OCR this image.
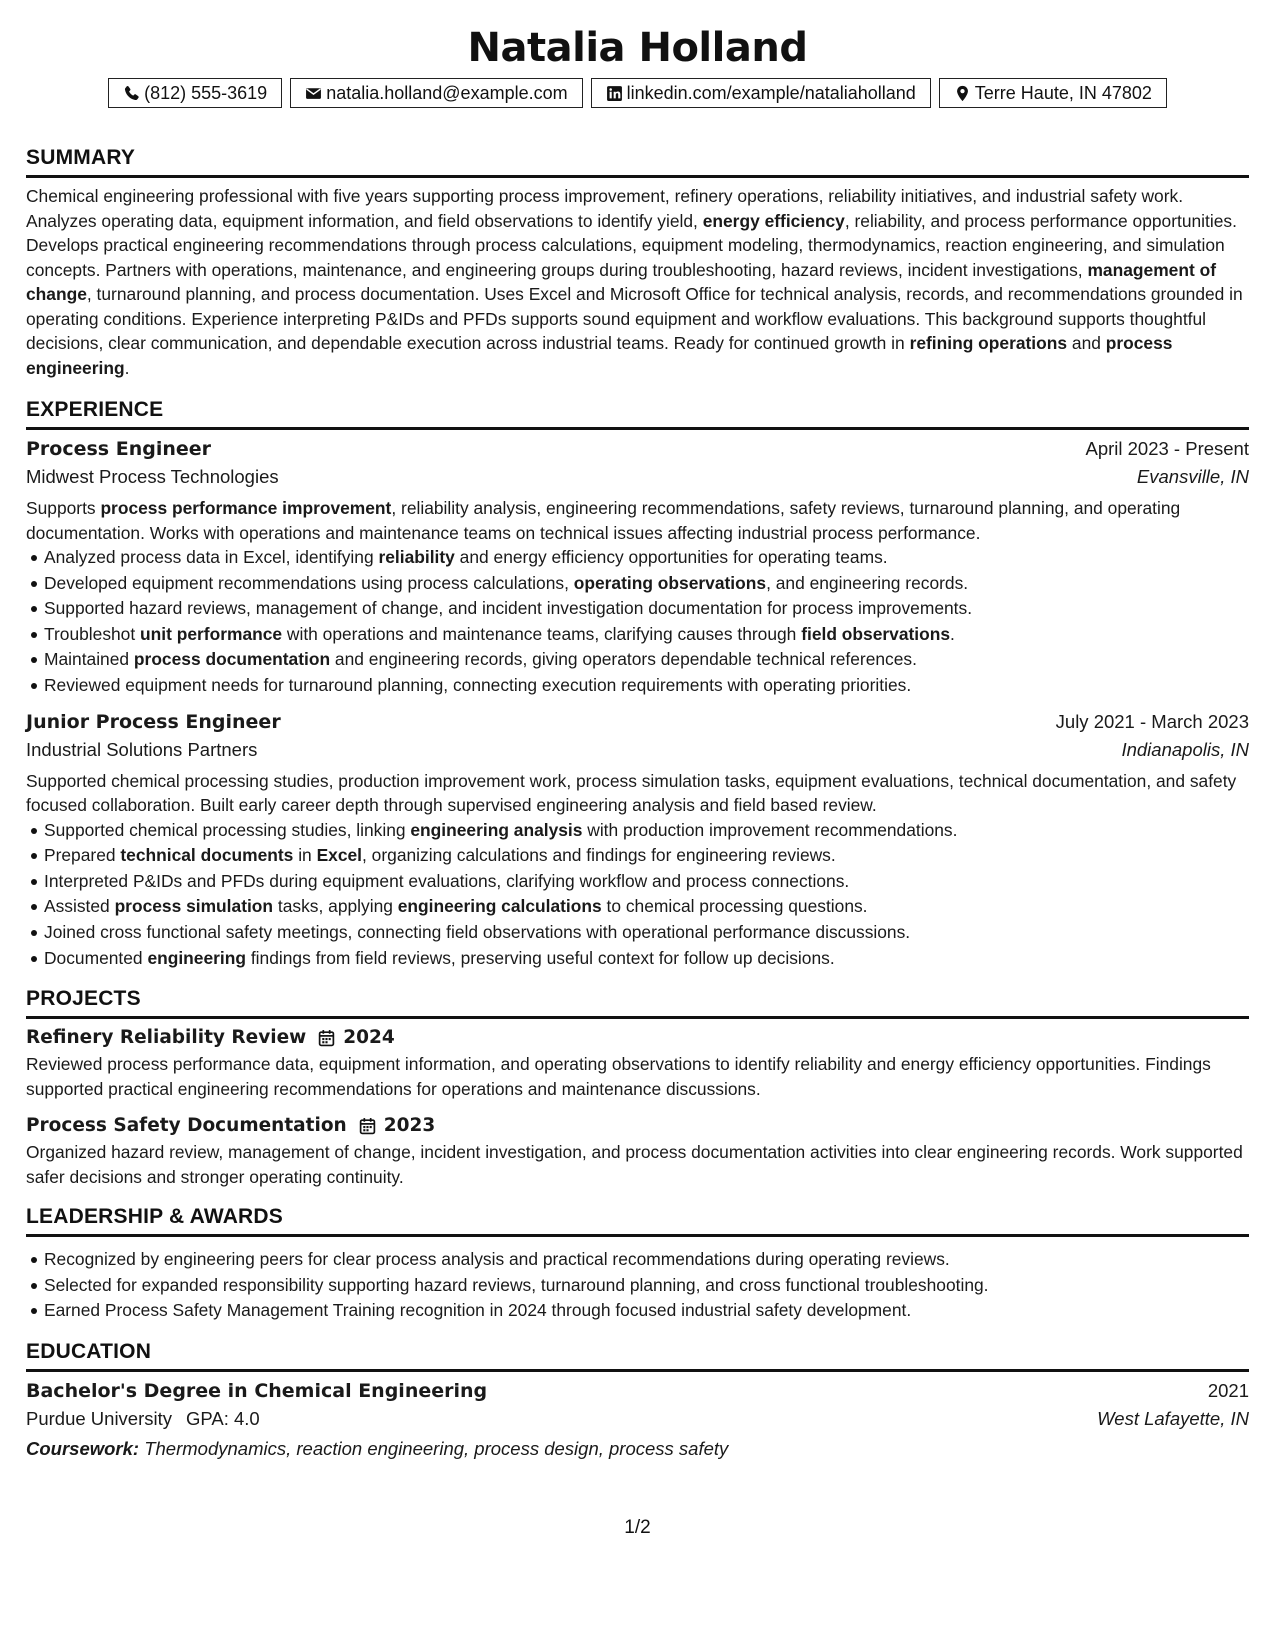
Natalia Holland
(812) 555-3619	natalia.holland@example.com	linkedin.com/example/nataliaholland	Terre Haute, IN 47802
SUMMARY

Chemical engineering professional with five years supporting process improvement, refinery operations, reliability initiatives, and industrial safety work. Analyzes operating data, equipment information, and field observations to identify yield, energy efficiency, reliability, and process performance opportunities. Develops practical engineering recommendations through process calculations, equipment modeling, thermodynamics, reaction engineering, and simulation concepts. Partners with operations, maintenance, and engineering groups during troubleshooting, hazard reviews, incident investigations, management of change, turnaround planning, and process documentation. Uses Excel and Microsoft Office for technical analysis, records, and recommendations grounded in operating conditions. Experience interpreting P&IDs and PFDs supports sound equipment and workflow evaluations. This background supports thoughtful decisions, clear communication, and dependable execution across industrial teams. Ready for continued growth in refining operations and process engineering.

EXPERIENCE
Process Engineer	April 2023 - Present
Midwest Process Technologies	Evansville, IN

Supports process performance improvement, reliability analysis, engineering recommendations, safety reviews, turnaround planning, and operating documentation. Works with operations and maintenance teams on technical issues affecting industrial process performance.

Analyzed process data in Excel, identifying reliability and energy efficiency opportunities for operating teams.
Developed equipment recommendations using process calculations, operating observations, and engineering records.
Supported hazard reviews, management of change, and incident investigation documentation for process improvements.
Troubleshot unit performance with operations and maintenance teams, clarifying causes through field observations.
Maintained process documentation and engineering records, giving operators dependable technical references.
Reviewed equipment needs for turnaround planning, connecting execution requirements with operating priorities.
Junior Process Engineer	July 2021 - March 2023
Industrial Solutions Partners	Indianapolis, IN

Supported chemical processing studies, production improvement work, process simulation tasks, equipment evaluations, technical documentation, and safety focused collaboration. Built early career depth through supervised engineering analysis and field based review.

Supported chemical processing studies, linking engineering analysis with production improvement recommendations.
Prepared technical documents in Excel, organizing calculations and findings for engineering reviews.
Interpreted P&IDs and PFDs during equipment evaluations, clarifying workflow and process connections.
Assisted process simulation tasks, applying engineering calculations to chemical processing questions.
Joined cross functional safety meetings, connecting field observations with operational performance discussions.
Documented engineering findings from field reviews, preserving useful context for follow up decisions.
PROJECTS
Refinery Reliability Review 2024

Reviewed process performance data, equipment information, and operating observations to identify reliability and energy efficiency opportunities. Findings supported practical engineering recommendations for operations and maintenance discussions.

Process Safety Documentation 2023

Organized hazard review, management of change, incident investigation, and process documentation activities into clear engineering records. Work supported safer decisions and stronger operating continuity.

LEADERSHIP & AWARDS
Recognized by engineering peers for clear process analysis and practical recommendations during operating reviews.
Selected for expanded responsibility supporting hazard reviews, turnaround planning, and cross functional troubleshooting.
Earned Process Safety Management Training recognition in 2024 through focused industrial safety development.
EDUCATION
Bachelor's Degree in Chemical Engineering	2021
Purdue University GPA: 4.0	West Lafayette, IN
Coursework: Thermodynamics, reaction engineering, process design, process safety
1/2
